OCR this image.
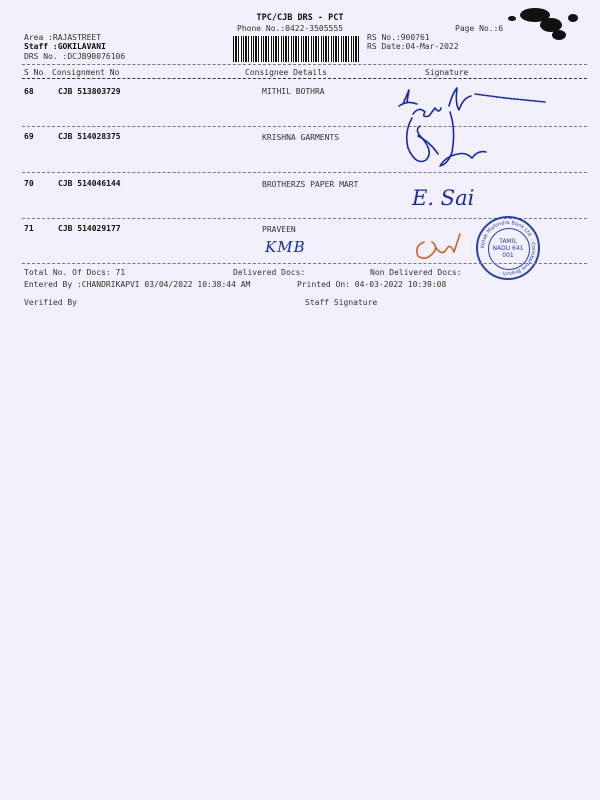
TPC/CJB DRS - PCT
Phone No.:0422-3505555	Page No.:6
Area :RAJASTREET
Staff :GOKILAVANI
DRS No. :DCJB90076106
RS No.:900761
RS Date:04-Mar-2022
S No Consignment No	Consignee Details	Signature
68	CJB 513803729	MITHIL BOTHRA
69	CJB 514028375	KRISHNA GARMENTS
70	CJB 514046144	BROTHERZS PAPER MART
E. Sai
71	CJB 514029177	PRAVEEN
KMB	Kotak Mahindra Bank Ltd. · Coimbatore Branch ·
TAMIL NADU 641 001
Total No. Of Docs: 71	Delivered Docs:	Non Delivered Docs:
Entered By :CHANDRIKAPVI 03/04/2022 10:38:44 AM	Printed On: 04-03-2022 10:39:08
Verified By	Staff Signature
